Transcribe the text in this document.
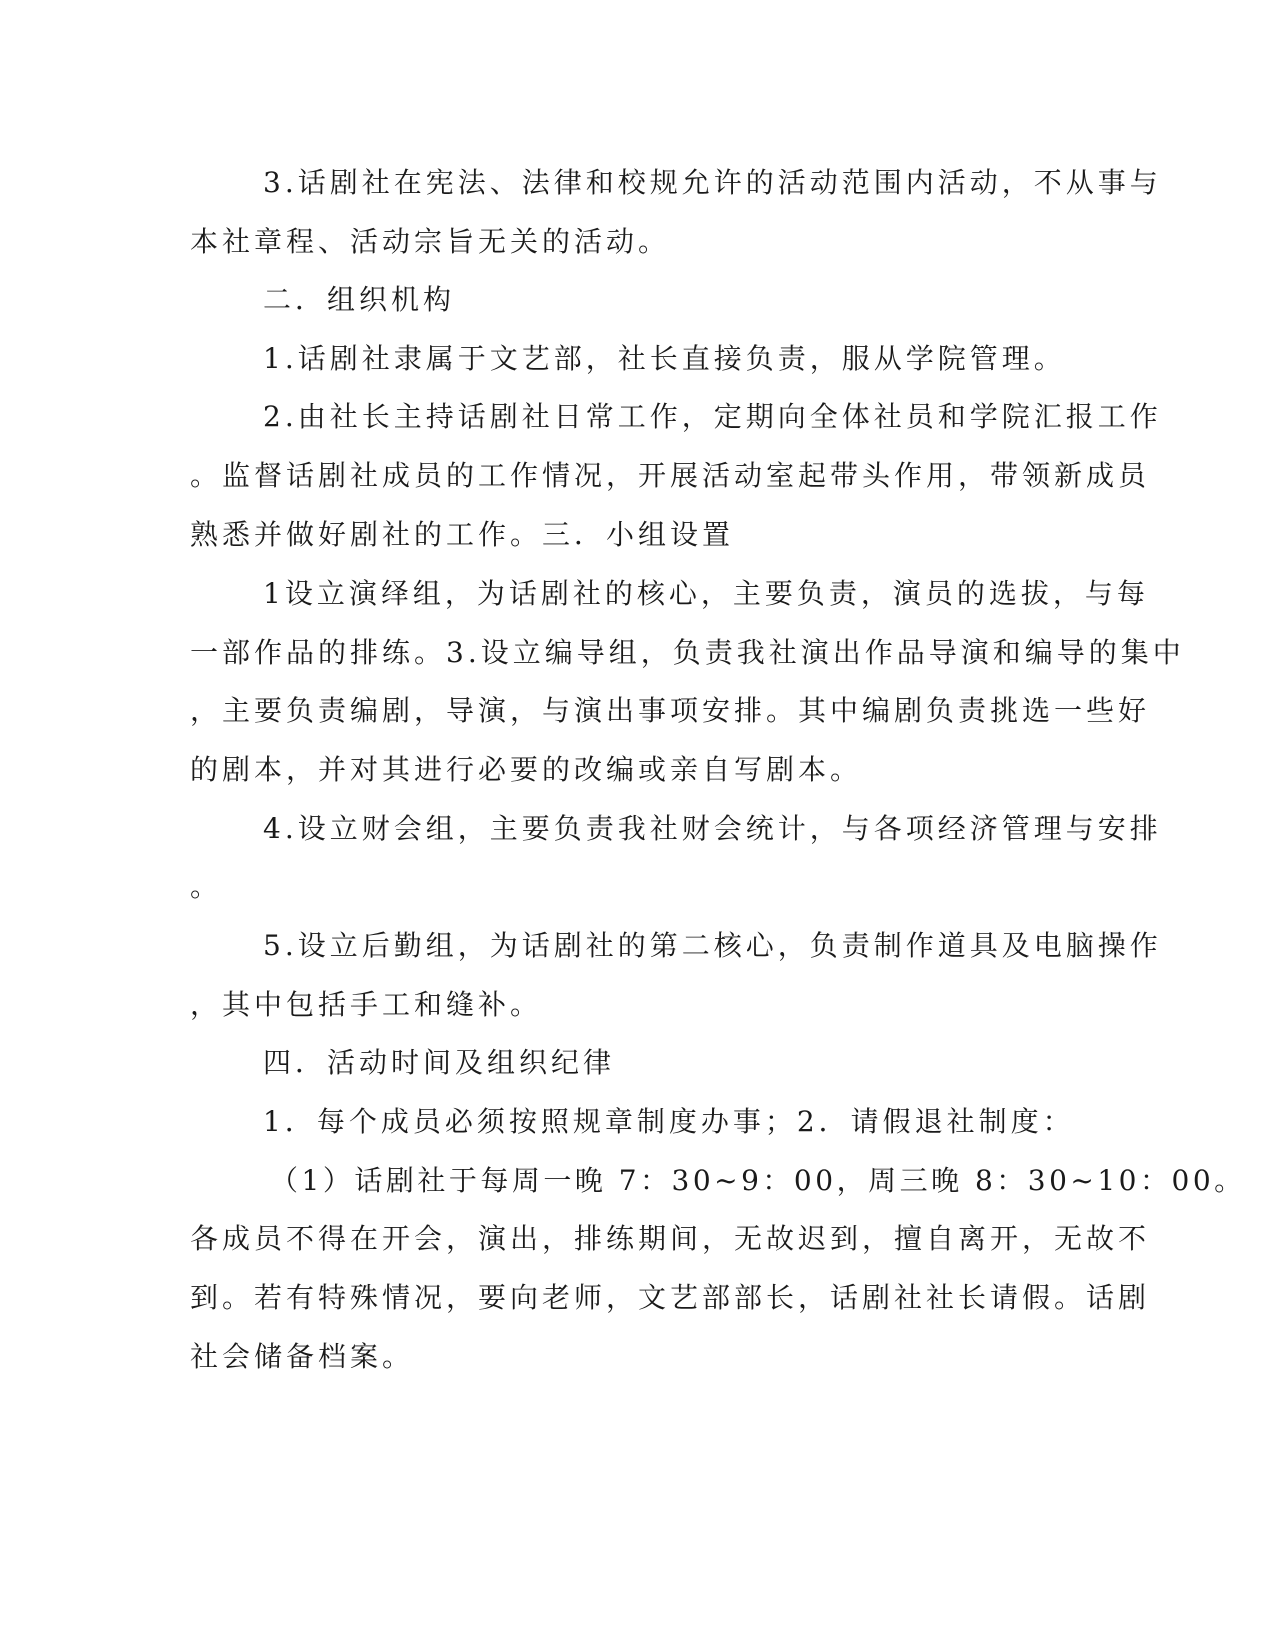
3.话剧社在宪法、法律和校规允许的活动范围内活动，不从事与
本社章程、活动宗旨无关的活动。
二．组织机构
1.话剧社隶属于文艺部，社长直接负责，服从学院管理。
2.由社长主持话剧社日常工作，定期向全体社员和学院汇报工作
。监督话剧社成员的工作情况，开展活动室起带头作用，带领新成员
熟悉并做好剧社的工作。三．小组设置
1设立演绎组，为话剧社的核心，主要负责，演员的选拔，与每
一部作品的排练。3.设立编导组，负责我社演出作品导演和编导的集中
，主要负责编剧，导演，与演出事项安排。其中编剧负责挑选一些好
的剧本，并对其进行必要的改编或亲自写剧本。
4.设立财会组，主要负责我社财会统计，与各项经济管理与安排
。
5.设立后勤组，为话剧社的第二核心，负责制作道具及电脑操作
，其中包括手工和缝补。
四．活动时间及组织纪律
1．每个成员必须按照规章制度办事；2．请假退社制度：
（1）话剧社于每周一晚 7：30~9：00，周三晚 8：30~10：00。
各成员不得在开会，演出，排练期间，无故迟到，擅自离开，无故不
到。若有特殊情况，要向老师，文艺部部长，话剧社社长请假。话剧
社会储备档案。
